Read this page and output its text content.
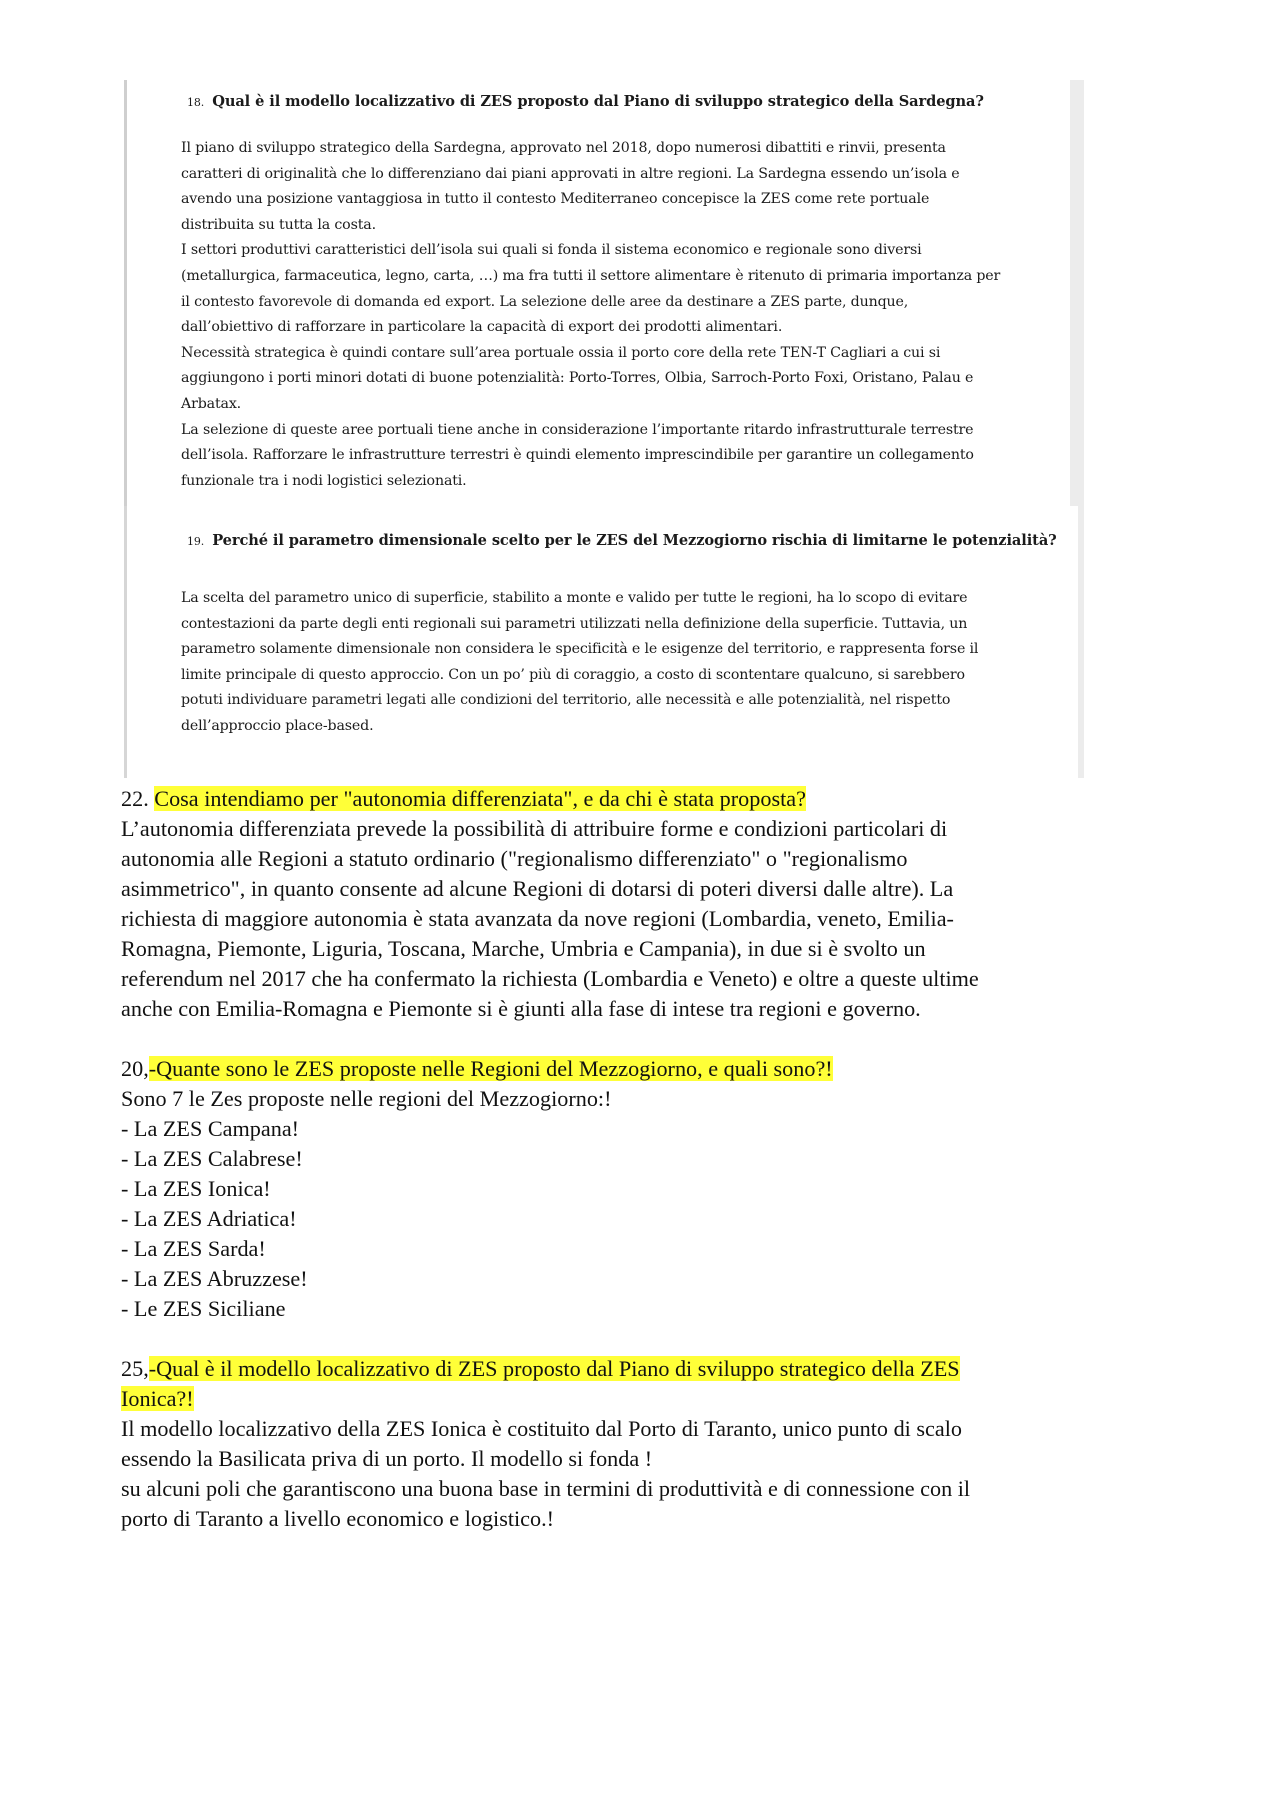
18. Qual è il modello localizzativo di ZES proposto dal Piano di sviluppo strategico della Sardegna?

Il piano di sviluppo strategico della Sardegna, approvato nel 2018, dopo numerosi dibattiti e rinvii, presenta

caratteri di originalità che lo differenziano dai piani approvati in altre regioni. La Sardegna essendo un’isola e

avendo una posizione vantaggiosa in tutto il contesto Mediterraneo concepisce la ZES come rete portuale

distribuita su tutta la costa.

I settori produttivi caratteristici dell’isola sui quali si fonda il sistema economico e regionale sono diversi

(metallurgica, farmaceutica, legno, carta, …) ma fra tutti il settore alimentare è ritenuto di primaria importanza per

il contesto favorevole di domanda ed export. La selezione delle aree da destinare a ZES parte, dunque,

dall’obiettivo di rafforzare in particolare la capacità di export dei prodotti alimentari.

Necessità strategica è quindi contare sull’area portuale ossia il porto core della rete TEN-T Cagliari a cui si

aggiungono i porti minori dotati di buone potenzialità: Porto-Torres, Olbia, Sarroch-Porto Foxi, Oristano, Palau e

Arbatax.

La selezione di queste aree portuali tiene anche in considerazione l’importante ritardo infrastrutturale terrestre

dell’isola. Rafforzare le infrastrutture terrestri è quindi elemento imprescindibile per garantire un collegamento

funzionale tra i nodi logistici selezionati.

19. Perché il parametro dimensionale scelto per le ZES del Mezzogiorno rischia di limitarne le potenzialità?

La scelta del parametro unico di superficie, stabilito a monte e valido per tutte le regioni, ha lo scopo di evitare

contestazioni da parte degli enti regionali sui parametri utilizzati nella definizione della superficie. Tuttavia, un

parametro solamente dimensionale non considera le specificità e le esigenze del territorio, e rappresenta forse il

limite principale di questo approccio. Con un po’ più di coraggio, a costo di scontentare qualcuno, si sarebbero

potuti individuare parametri legati alle condizioni del territorio, alle necessità e alle potenzialità, nel rispetto

dell’approccio place-based.

22. Cosa intendiamo per "autonomia differenziata", e da chi è stata proposta?

L’autonomia differenziata prevede la possibilità di attribuire forme e condizioni particolari di

autonomia alle Regioni a statuto ordinario ("regionalismo differenziato" o "regionalismo

asimmetrico", in quanto consente ad alcune Regioni di dotarsi di poteri diversi dalle altre). La

richiesta di maggiore autonomia è stata avanzata da nove regioni (Lombardia, veneto, Emilia-

Romagna, Piemonte, Liguria, Toscana, Marche, Umbria e Campania), in due si è svolto un

referendum nel 2017 che ha confermato la richiesta (Lombardia e Veneto) e oltre a queste ultime

anche con Emilia-Romagna e Piemonte si è giunti alla fase di intese tra regioni e governo.

20,-Quante sono le ZES proposte nelle Regioni del Mezzogiorno, e quali sono?!

Sono 7 le Zes proposte nelle regioni del Mezzogiorno:!

- La ZES Campana!

- La ZES Calabrese!

- La ZES Ionica!

- La ZES Adriatica!

- La ZES Sarda!

- La ZES Abruzzese!

- Le ZES Siciliane

25,-Qual è il modello localizzativo di ZES proposto dal Piano di sviluppo strategico della ZES

Ionica?!

Il modello localizzativo della ZES Ionica è costituito dal Porto di Taranto, unico punto di scalo

essendo la Basilicata priva di un porto. Il modello si fonda !

su alcuni poli che garantiscono una buona base in termini di produttività e di connessione con il

porto di Taranto a livello economico e logistico.!
